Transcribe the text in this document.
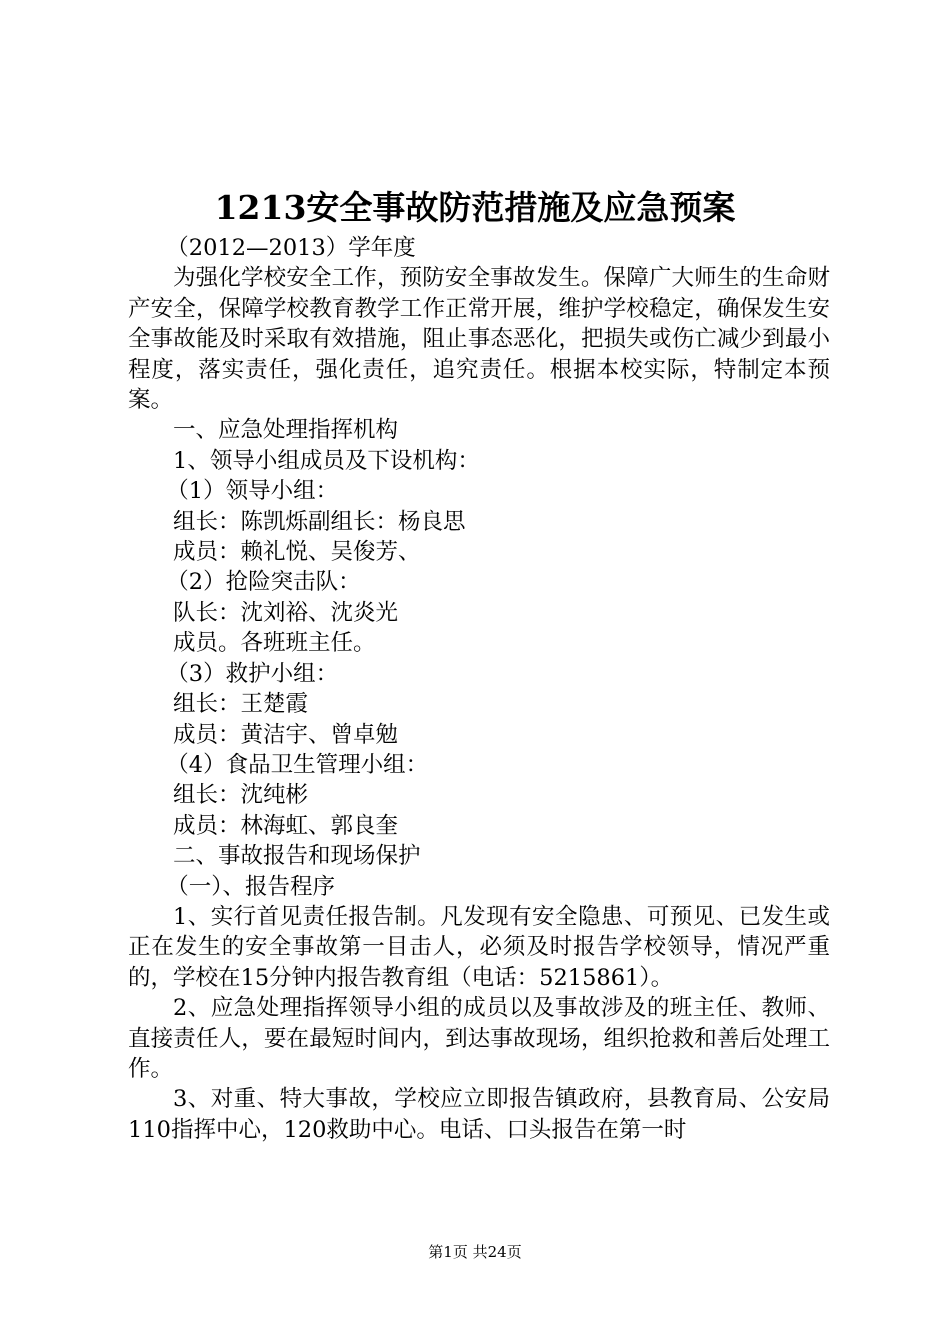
1213安全事故防范措施及应急预案

（2012—2013）学年度

为强化学校安全工作，预防安全事故发生。保障广大师生的生命财产安全，保障学校教育教学工作正常开展，维护学校稳定，确保发生安全事故能及时采取有效措施，阻止事态恶化，把损失或伤亡减少到最小程度，落实责任，强化责任，追究责任。根据本校实际，特制定本预案。

一、应急处理指挥机构

1、领导小组成员及下设机构：

（1）领导小组：

组长：陈凯烁副组长：杨良思

成员：赖礼悦、吴俊芳、

（2）抢险突击队：

队长：沈刘裕、沈炎光

成员。各班班主任。

（3）救护小组：

组长：王楚霞

成员：黄洁宇、曾卓勉

（4）食品卫生管理小组：

组长：沈纯彬

成员：林海虹、郭良奎

二、事故报告和现场保护

（一）、报告程序

1、实行首见责任报告制。凡发现有安全隐患、可预见、已发生或正在发生的安全事故第一目击人，必须及时报告学校领导，情况严重的，学校在15分钟内报告教育组（电话：5215861）。

2、应急处理指挥领导小组的成员以及事故涉及的班主任、教师、直接责任人，要在最短时间内，到达事故现场，组织抢救和善后处理工作。

3、对重、特大事故，学校应立即报告镇政府，县教育局、公安局110指挥中心，120救助中心。电话、口头报告在第一时

第1页 共24页
